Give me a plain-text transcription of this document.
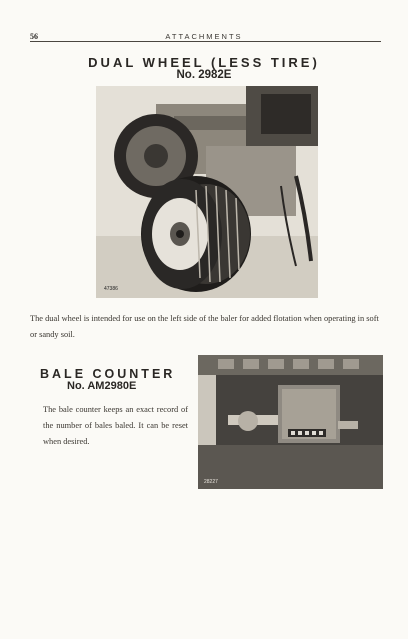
56	ATTACHMENTS
DUAL WHEEL (LESS TIRE)
No. 2982E
47386
The dual wheel is intended for use on the left side of the baler for added flotation when operating in soft or sandy soil.
BALE COUNTER
No. AM2980E
The bale counter keeps an exact record of the number of bales baled. It can be reset when desired.
28227
